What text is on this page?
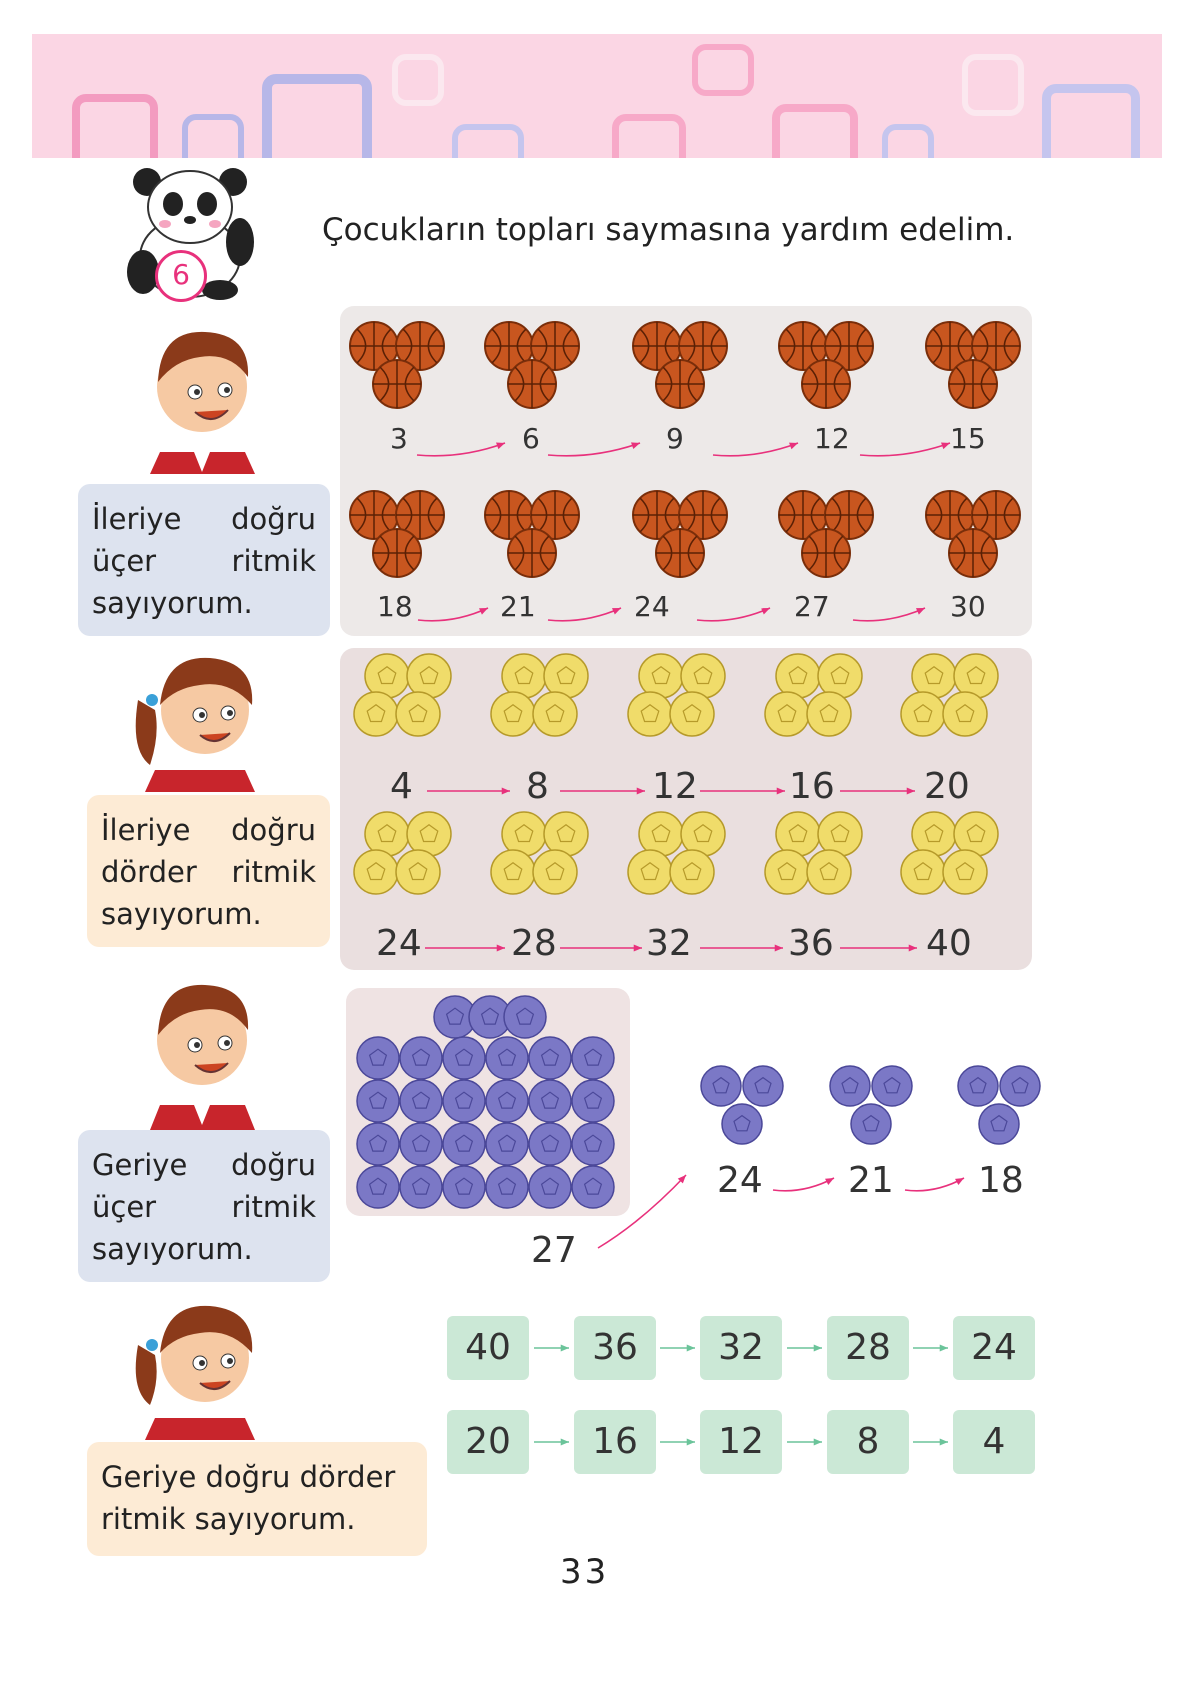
6
Çocukların topları saymasına yardım edelim.
İleriye doğru üçer ritmik sayıyorum.
İleriye doğru dörder ritmik sayıyorum.
Geriye doğru üçer ritmik sayıyorum.
Geriye doğru dörder ritmik sayıyorum.
3	6	9	12	15
18	21	24	27	30
4	8	12	16 20
24 28 32	36	40
27
24 21 18
40	36	32	28	24
20	16	12	8	4
33
